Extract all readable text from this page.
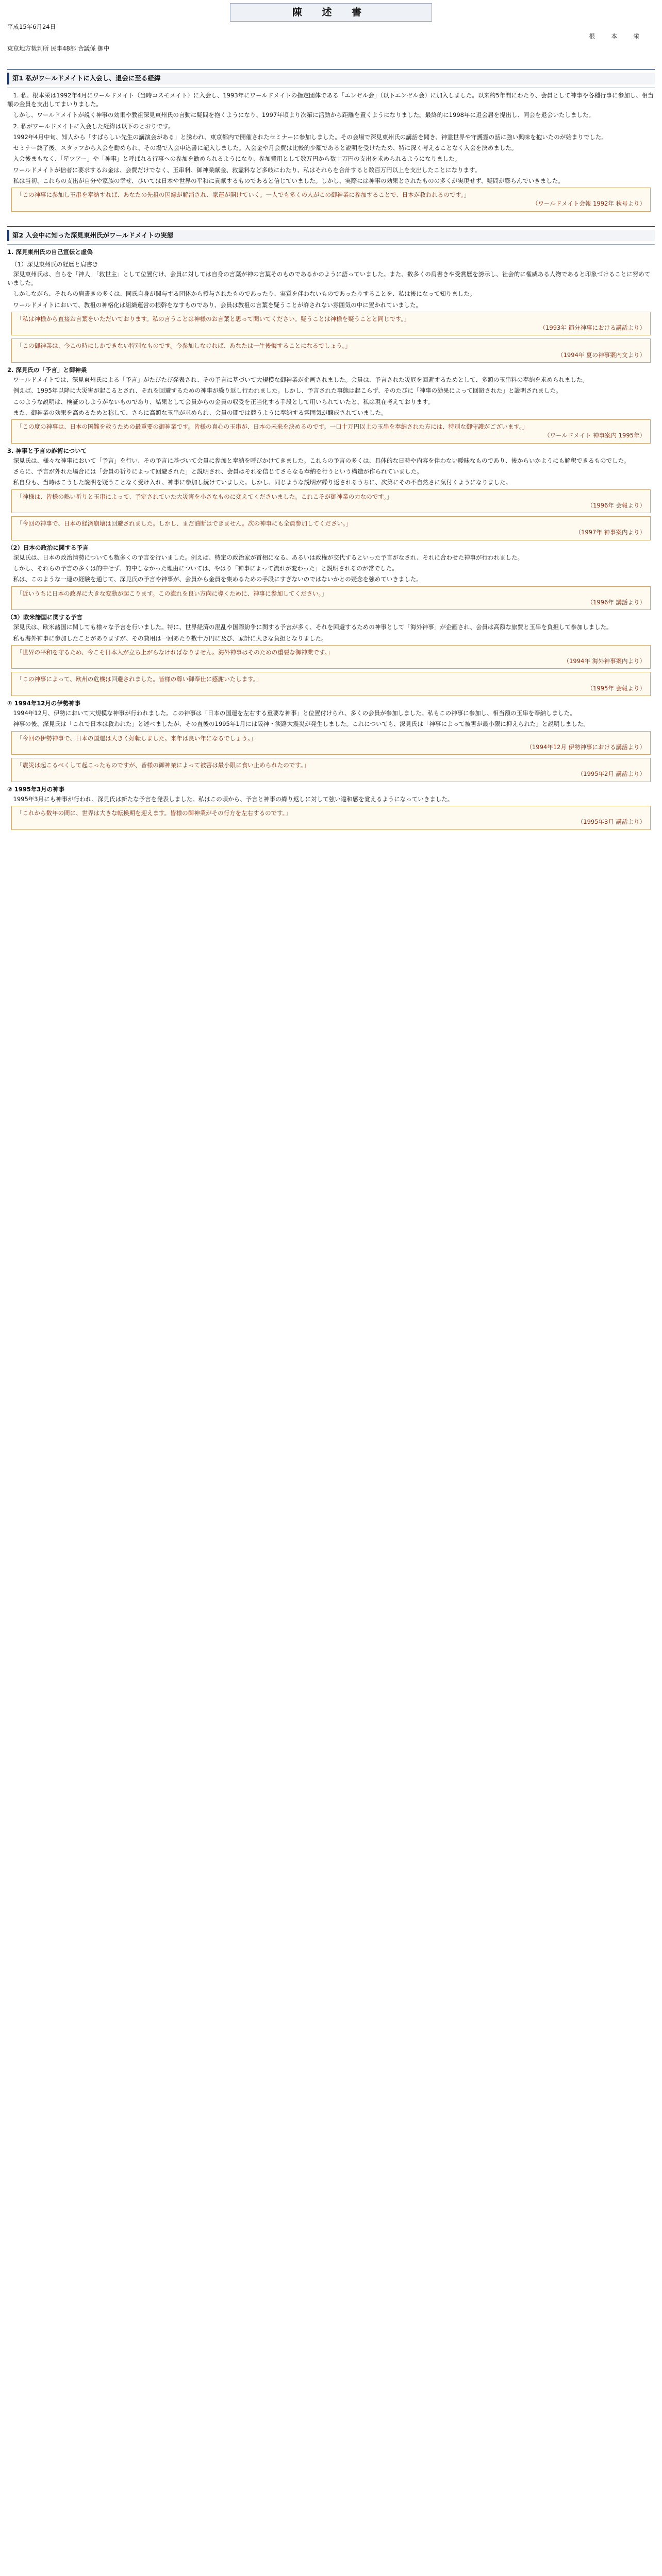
陳 述 書
平成15年6月24日
根 本 栄
東京地方裁判所 民事48部 合議係 御中
第1 私がワールドメイトに入会し、退会に至る経緯

1. 私、根本栄は1992年4月にワールドメイト（当時コスモメイト）に入会し、1993年にワールドメイトの指定団体である「エンゼル会」（以下エンゼル会）に加入しました。以来約5年間にわたり、会員として神事や各種行事に参加し、相当額の金員を支出してまいりました。

しかし、ワールドメイトが説く神事の効果や教祖深見東州氏の言動に疑問を抱くようになり、1997年頃より次第に活動から距離を置くようになりました。最終的に1998年に退会届を提出し、同会を退会いたしました。

2. 私がワールドメイトに入会した経緯は以下のとおりです。

1992年4月中旬、知人から「すばらしい先生の講演会がある」と誘われ、東京都内で開催されたセミナーに参加しました。その会場で深見東州氏の講話を聞き、神霊世界や守護霊の話に強い興味を抱いたのが始まりでした。

セミナー終了後、スタッフから入会を勧められ、その場で入会申込書に記入しました。入会金や月会費は比較的少額であると説明を受けたため、特に深く考えることなく入会を決めました。

入会後まもなく、「星ツアー」や「神事」と呼ばれる行事への参加を勧められるようになり、参加費用として数万円から数十万円の支出を求められるようになりました。

ワールドメイトが信者に要求するお金は、会費だけでなく、玉串料、御神業献金、救霊料など多岐にわたり、私はそれらを合計すると数百万円以上を支出したことになります。

私は当初、これらの支出が自分や家族の幸せ、ひいては日本や世界の平和に貢献するものであると信じていました。しかし、実際には神事の効果とされたものの多くが実現せず、疑問が膨らんでいきました。

「この神事に参加し玉串を奉納すれば、あなたの先祖の因縁が解消され、家運が開けていく。一人でも多くの人がこの御神業に参加することで、日本が救われるのです。」
（ワールドメイト会報 1992年 秋号より）
第2 入会中に知った深見東州氏がワールドメイトの実態
1. 深見東州氏の自己宣伝と虚偽
（1）深見東州氏の経歴と肩書き

深見東州氏は、自らを「神人」「救世主」として位置付け、会員に対しては自身の言葉が神の言葉そのものであるかのように語っていました。また、数多くの肩書きや受賞歴を誇示し、社会的に権威ある人物であると印象づけることに努めていました。

しかしながら、それらの肩書きの多くは、同氏自身が関与する団体から授与されたものであったり、実質を伴わないものであったりすることを、私は後になって知りました。

ワールドメイトにおいて、教祖の神格化は組織運営の根幹をなすものであり、会員は教祖の言葉を疑うことが許されない雰囲気の中に置かれていました。

「私は神様から直接お言葉をいただいております。私の言うことは神様のお言葉と思って聞いてください。疑うことは神様を疑うことと同じです。」
（1993年 節分神事における講話より）
「この御神業は、今この時にしかできない特別なものです。今参加しなければ、あなたは一生後悔することになるでしょう。」
（1994年 夏の神事案内文より）
2. 深見氏の「予言」と御神業

ワールドメイトでは、深見東州氏による「予言」がたびたび発表され、その予言に基づいて大規模な御神業が企画されました。会員は、予言された災厄を回避するためとして、多額の玉串料の奉納を求められました。

例えば、1995年以降に大災害が起こるとされ、それを回避するための神事が繰り返し行われました。しかし、予言された事態は起こらず、そのたびに「神事の効果によって回避された」と説明されました。

このような説明は、検証のしようがないものであり、結果として会員からの金員の収受を正当化する手段として用いられていたと、私は現在考えております。

また、御神業の効果を高めるためと称して、さらに高額な玉串が求められ、会員の間では競うように奉納する雰囲気が醸成されていました。

「この度の神事は、日本の国難を救うための最重要の御神業です。皆様の真心の玉串が、日本の未来を決めるのです。一口十万円以上の玉串を奉納された方には、特別な御守護がございます。」
（ワールドメイト 神事案内 1995年）
3. 神事と予言の詐術について

深見氏は、様々な神事において「予言」を行い、その予言に基づいて会員に参加と奉納を呼びかけてきました。これらの予言の多くは、具体的な日時や内容を伴わない曖昧なものであり、後からいかようにも解釈できるものでした。

さらに、予言が外れた場合には「会員の祈りによって回避された」と説明され、会員はそれを信じてさらなる奉納を行うという構造が作られていました。

私自身も、当時はこうした説明を疑うことなく受け入れ、神事に参加し続けていました。しかし、同じような説明が繰り返されるうちに、次第にその不自然さに気付くようになりました。

「神様は、皆様の熱い祈りと玉串によって、予定されていた大災害を小さなものに変えてくださいました。これこそが御神業の力なのです。」
（1996年 会報より）
「今回の神事で、日本の経済崩壊は回避されました。しかし、まだ油断はできません。次の神事にも全員参加してください。」
（1997年 神事案内より）
（2）日本の政治に関する予言

深見氏は、日本の政治情勢についても数多くの予言を行いました。例えば、特定の政治家が首相になる、あるいは政権が交代するといった予言がなされ、それに合わせた神事が行われました。

しかし、それらの予言の多くは的中せず、的中しなかった理由については、やはり「神事によって流れが変わった」と説明されるのが常でした。

私は、このような一連の経験を通じて、深見氏の予言や神事が、会員から金員を集めるための手段にすぎないのではないかとの疑念を強めていきました。

「近いうちに日本の政界に大きな変動が起こります。この流れを良い方向に導くために、神事に参加してください。」
（1996年 講話より）
（3）欧米諸国に関する予言

深見氏は、欧米諸国に関しても様々な予言を行いました。特に、世界経済の混乱や国際紛争に関する予言が多く、それを回避するための神事として「海外神事」が企画され、会員は高額な旅費と玉串を負担して参加しました。

私も海外神事に参加したことがありますが、その費用は一回あたり数十万円に及び、家計に大きな負担となりました。

「世界の平和を守るため、今こそ日本人が立ち上がらなければなりません。海外神事はそのための重要な御神業です。」
（1994年 海外神事案内より）
「この神事によって、欧州の危機は回避されました。皆様の尊い御奉仕に感謝いたします。」
（1995年 会報より）
① 1994年12月の伊勢神事

1994年12月、伊勢において大規模な神事が行われました。この神事は「日本の国運を左右する重要な神事」と位置付けられ、多くの会員が参加しました。私もこの神事に参加し、相当額の玉串を奉納しました。

神事の後、深見氏は「これで日本は救われた」と述べましたが、その直後の1995年1月には阪神・淡路大震災が発生しました。これについても、深見氏は「神事によって被害が最小限に抑えられた」と説明しました。

「今回の伊勢神事で、日本の国運は大きく好転しました。来年は良い年になるでしょう。」
（1994年12月 伊勢神事における講話より）
「震災は起こるべくして起こったものですが、皆様の御神業によって被害は最小限に食い止められたのです。」
（1995年2月 講話より）
② 1995年3月の神事

1995年3月にも神事が行われ、深見氏は新たな予言を発表しました。私はこの頃から、予言と神事の繰り返しに対して強い違和感を覚えるようになっていきました。

「これから数年の間に、世界は大きな転換期を迎えます。皆様の御神業がその行方を左右するのです。」
（1995年3月 講話より）
